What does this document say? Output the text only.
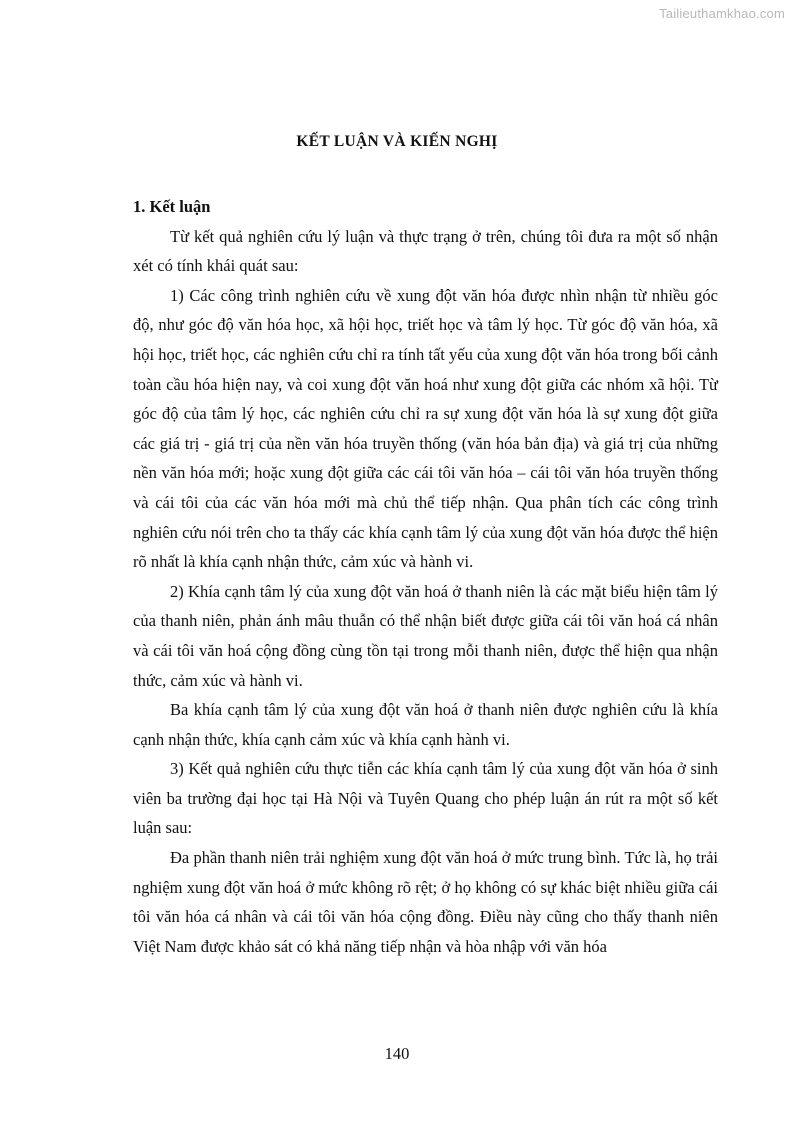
Tailieuthamkhao.com
KẾT LUẬN VÀ KIẾN NGHỊ

1. Kết luận

Từ kết quả nghiên cứu lý luận và thực trạng ở trên, chúng tôi đưa ra một số nhận xét có tính khái quát sau:

1) Các công trình nghiên cứu về xung đột văn hóa được nhìn nhận từ nhiều góc độ, như góc độ văn hóa học, xã hội học, triết học và tâm lý học. Từ góc độ văn hóa, xã hội học, triết học, các nghiên cứu chỉ ra tính tất yếu của xung đột văn hóa trong bối cảnh toàn cầu hóa hiện nay, và coi xung đột văn hoá như xung đột giữa các nhóm xã hội. Từ góc độ của tâm lý học, các nghiên cứu chỉ ra sự xung đột văn hóa là sự xung đột giữa các giá trị - giá trị của nền văn hóa truyền thống (văn hóa bản địa) và giá trị của những nền văn hóa mới; hoặc xung đột giữa các cái tôi văn hóa – cái tôi văn hóa truyền thống và cái tôi của các văn hóa mới mà chủ thể tiếp nhận. Qua phân tích các công trình nghiên cứu nói trên cho ta thấy các khía cạnh tâm lý của xung đột văn hóa được thể hiện rõ nhất là khía cạnh nhận thức, cảm xúc và hành vi.

2) Khía cạnh tâm lý của xung đột văn hoá ở thanh niên là các mặt biểu hiện tâm lý của thanh niên, phản ánh mâu thuẫn có thể nhận biết được giữa cái tôi văn hoá cá nhân và cái tôi văn hoá cộng đồng cùng tồn tại trong mỗi thanh niên, được thể hiện qua nhận thức, cảm xúc và hành vi.

Ba khía cạnh tâm lý của xung đột văn hoá ở thanh niên được nghiên cứu là khía cạnh nhận thức, khía cạnh cảm xúc và khía cạnh hành vi.

3) Kết quả nghiên cứu thực tiễn các khía cạnh tâm lý của xung đột văn hóa ở sinh viên ba trường đại học tại Hà Nội và Tuyên Quang cho phép luận án rút ra một số kết luận sau:

Đa phần thanh niên trải nghiệm xung đột văn hoá ở mức trung bình. Tức là, họ trải nghiệm xung đột văn hoá ở mức không rõ rệt; ở họ không có sự khác biệt nhiều giữa cái tôi văn hóa cá nhân và cái tôi văn hóa cộng đồng. Điều này cũng cho thấy thanh niên Việt Nam được khảo sát có khả năng tiếp nhận và hòa nhập với văn hóa

140
